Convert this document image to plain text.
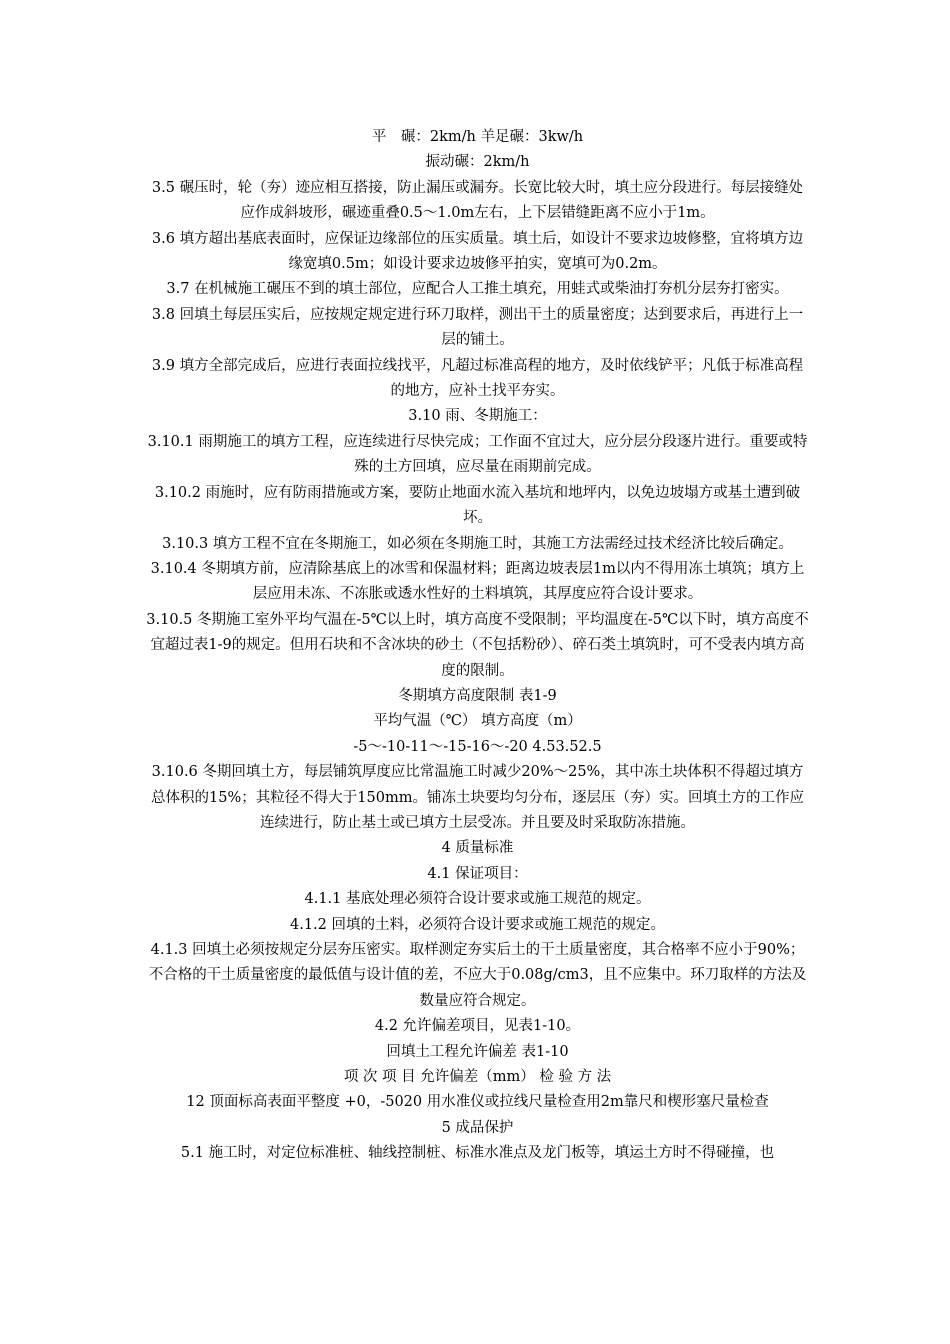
平　碾：2km/h 羊足碾：3kw/h

振动碾：2km/h

3.5 碾压时，轮（夯）迹应相互搭接，防止漏压或漏夯。长宽比较大时，填土应分段进行。每层接缝处应作成斜坡形，碾迹重叠0.5～1.0m左右，上下层错缝距离不应小于1m。

3.6 填方超出基底表面时，应保证边缘部位的压实质量。填土后，如设计不要求边坡修整，宜将填方边缘宽填0.5m；如设计要求边坡修平拍实，宽填可为0.2m。

3.7 在机械施工碾压不到的填土部位，应配合人工推土填充，用蛙式或柴油打夯机分层夯打密实。

3.8 回填土每层压实后，应按规定规定进行环刀取样，测出干土的质量密度；达到要求后，再进行上一层的铺土。

3.9 填方全部完成后，应进行表面拉线找平，凡超过标准高程的地方，及时依线铲平；凡低于标准高程的地方，应补土找平夯实。

3.10 雨、冬期施工：

3.10.1 雨期施工的填方工程，应连续进行尽快完成；工作面不宜过大，应分层分段逐片进行。重要或特殊的土方回填，应尽量在雨期前完成。

3.10.2 雨施时，应有防雨措施或方案，要防止地面水流入基坑和地坪内，以免边坡塌方或基土遭到破坏。

3.10.3 填方工程不宜在冬期施工，如必须在冬期施工时，其施工方法需经过技术经济比较后确定。

3.10.4 冬期填方前，应清除基底上的冰雪和保温材料；距离边坡表层1m以内不得用冻土填筑；填方上层应用未冻、不冻胀或透水性好的土料填筑，其厚度应符合设计要求。

3.10.5 冬期施工室外平均气温在-5℃以上时，填方高度不受限制；平均温度在-5℃以下时，填方高度不宜超过表1-9的规定。但用石块和不含冰块的砂土（不包括粉砂）、碎石类土填筑时，可不受表内填方高度的限制。

冬期填方高度限制 表1-9

平均气温（℃） 填方高度（m）

-5～-10-11～-15-16～-20 4.53.52.5

3.10.6 冬期回填土方，每层铺筑厚度应比常温施工时减少20%～25%，其中冻土块体积不得超过填方总体积的15%；其粒径不得大于150mm。铺冻土块要均匀分布，逐层压（夯）实。回填土方的工作应连续进行，防止基土或已填方土层受冻。并且要及时采取防冻措施。

4 质量标准

4.1 保证项目：

4.1.1 基底处理必须符合设计要求或施工规范的规定。

4.1.2 回填的土料，必须符合设计要求或施工规范的规定。

4.1.3 回填土必须按规定分层夯压密实。取样测定夯实后土的干土质量密度，其合格率不应小于90%；不合格的干土质量密度的最低值与设计值的差，不应大于0.08g/cm3，且不应集中。环刀取样的方法及数量应符合规定。

4.2 允许偏差项目，见表1-10。

回填土工程允许偏差 表1-10

项 次 项 目 允许偏差（mm） 检 验 方 法

12 顶面标高表面平整度 +0，-5020 用水准仪或拉线尺量检查用2m靠尺和楔形塞尺量检查

5 成品保护

5.1 施工时，对定位标准桩、轴线控制桩、标准水准点及龙门板等，填运土方时不得碰撞，也
